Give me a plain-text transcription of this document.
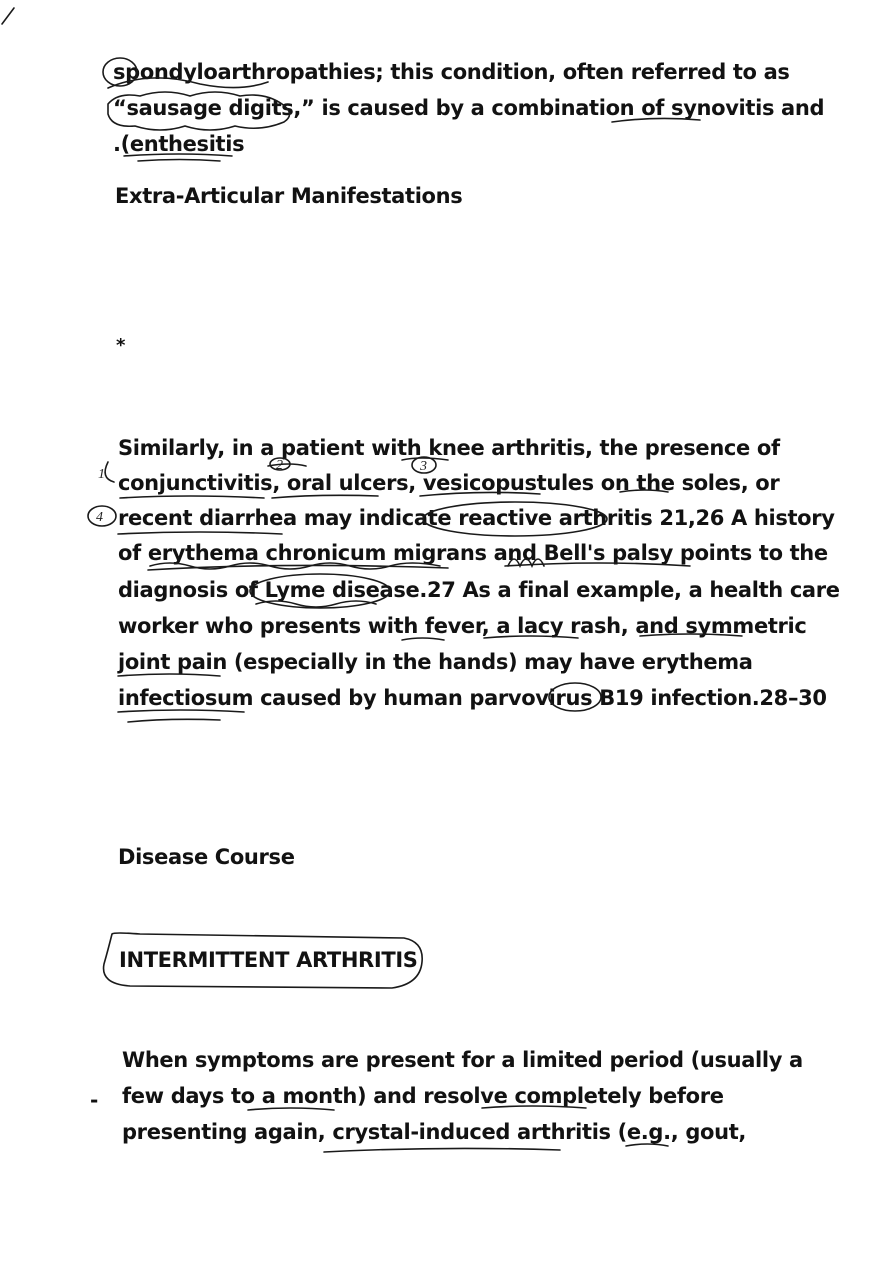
spondyloarthropathies; this condition, often referred to as
“sausage digits,” is caused by a combination of synovitis and
.(enthesitis
Extra-Articular Manifestations
*
Similarly, in a patient with knee arthritis, the presence of
conjunctivitis, oral ulcers, vesicopustules on the soles, or
recent diarrhea may indicate reactive arthritis 21,26 A history
of erythema chronicum migrans and Bell's palsy points to the
diagnosis of Lyme disease.27 As a final example, a health care
worker who presents with fever, a lacy rash, and symmetric
joint pain (especially in the hands) may have erythema
infectiosum caused by human parvovirus B19 infection.28–30
Disease Course
INTERMITTENT ARTHRITIS
-
When symptoms are present for a limited period (usually a
few days to a month) and resolve completely before
presenting again, crystal-induced arthritis (e.g., gout,
1
2	3
4
